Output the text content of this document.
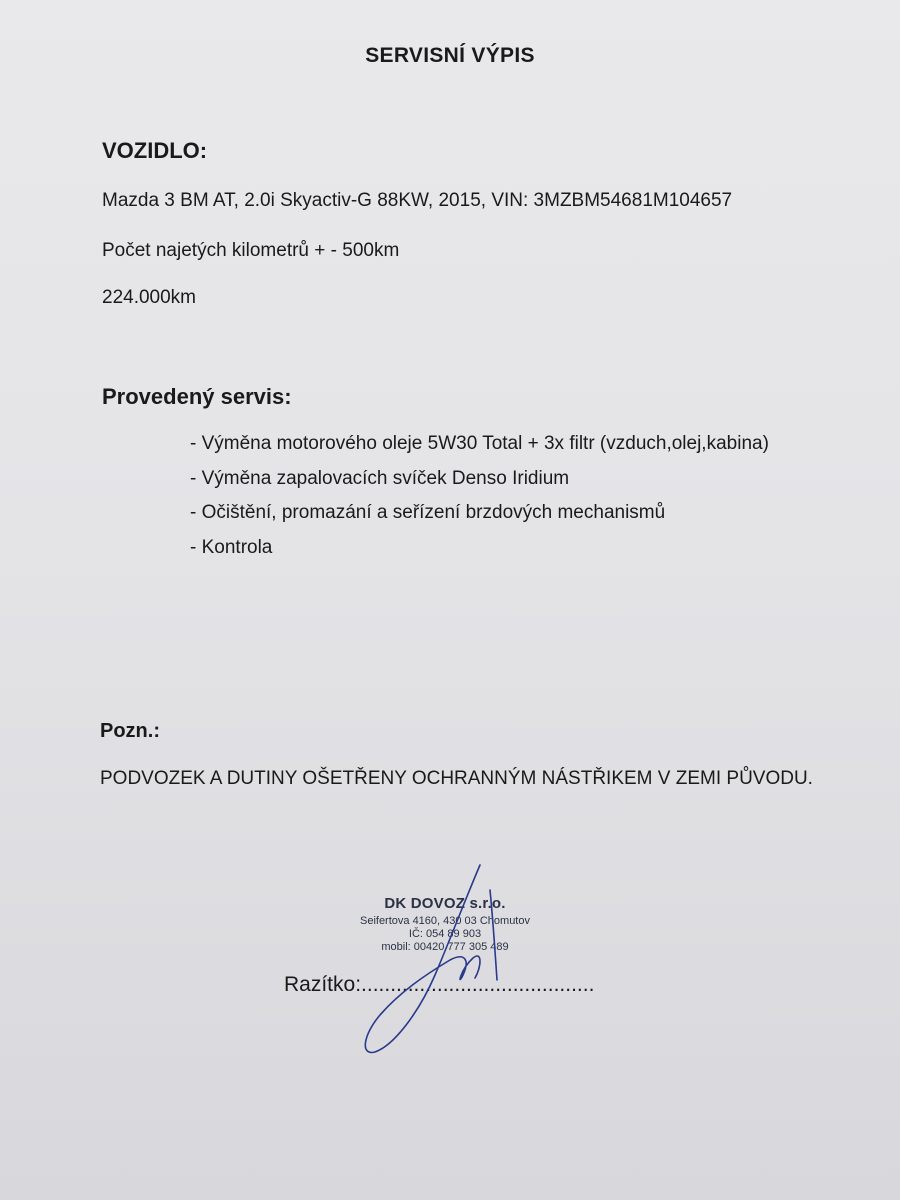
SERVISNÍ VÝPIS
VOZIDLO:
Mazda 3 BM AT, 2.0i Skyactiv-G 88KW, 2015, VIN: 3MZBM54681M104657
Počet najetých kilometrů + - 500km
224.000km
Provedený servis:
- Výměna motorového oleje 5W30 Total + 3x filtr (vzduch,olej,kabina)
- Výměna zapalovacích svíček Denso Iridium
- Očištění, promazání a seřízení brzdových mechanismů
- Kontrola
Pozn.:
PODVOZEK A DUTINY OŠETŘENY OCHRANNÝM NÁSTŘIKEM V ZEMI PŮVODU.
DK DOVOZ s.r.o.
Seifertova 4160, 430 03 Chomutov
IČ: 054 89 903
mobil: 00420 777 305 489
Razítko:........................................
